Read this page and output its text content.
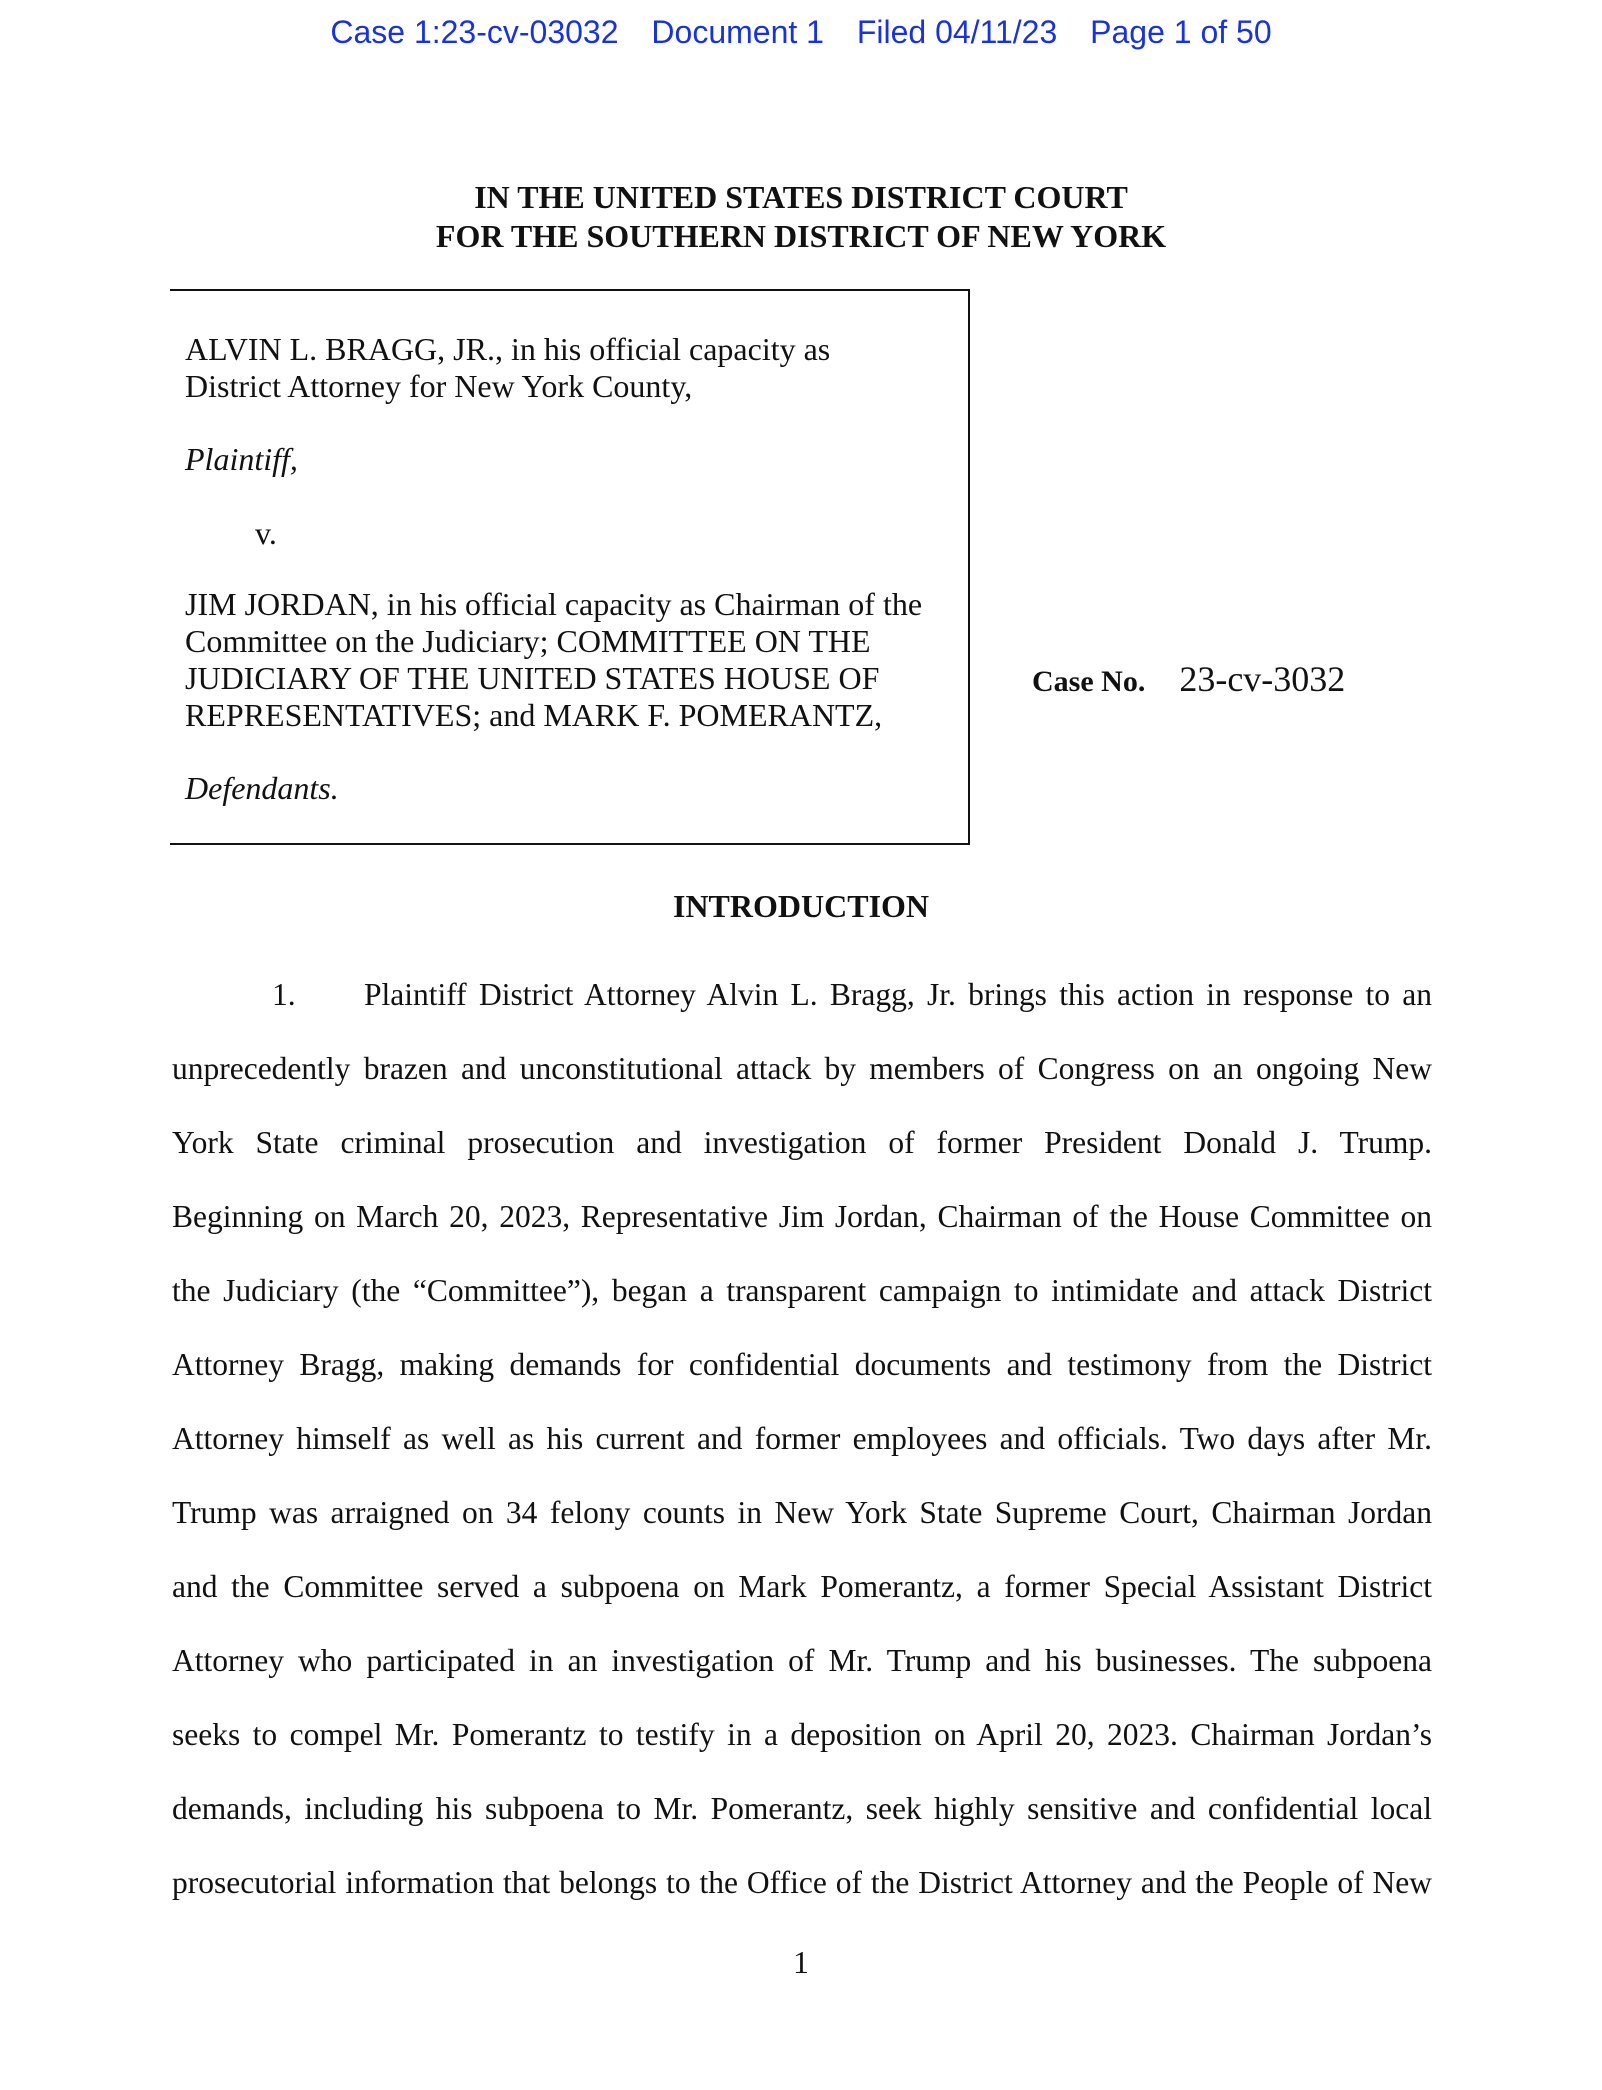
Case 1:23-cv-03032 Document 1 Filed 04/11/23 Page 1 of 50
IN THE UNITED STATES DISTRICT COURT
FOR THE SOUTHERN DISTRICT OF NEW YORK
ALVIN L. BRAGG, JR., in his official capacity as
District Attorney for New York County,
Plaintiff,
v.
JIM JORDAN, in his official capacity as Chairman of the
Committee on the Judiciary; COMMITTEE ON THE
JUDICIARY OF THE UNITED STATES HOUSE OF
REPRESENTATIVES; and MARK F. POMERANTZ,
Defendants.
Case No. 23-cv-3032
INTRODUCTION
1. Plaintiff District Attorney Alvin L. Bragg, Jr. brings this action in response to an
unprecedently brazen and unconstitutional attack by members of Congress on an ongoing New
York State criminal prosecution and investigation of former President Donald J. Trump.
Beginning on March 20, 2023, Representative Jim Jordan, Chairman of the House Committee on
the Judiciary (the “Committee”), began a transparent campaign to intimidate and attack District
Attorney Bragg, making demands for confidential documents and testimony from the District
Attorney himself as well as his current and former employees and officials. Two days after Mr.
Trump was arraigned on 34 felony counts in New York State Supreme Court, Chairman Jordan
and the Committee served a subpoena on Mark Pomerantz, a former Special Assistant District
Attorney who participated in an investigation of Mr. Trump and his businesses. The subpoena
seeks to compel Mr. Pomerantz to testify in a deposition on April 20, 2023. Chairman Jordan’s
demands, including his subpoena to Mr. Pomerantz, seek highly sensitive and confidential local
prosecutorial information that belongs to the Office of the District Attorney and the People of New
1
